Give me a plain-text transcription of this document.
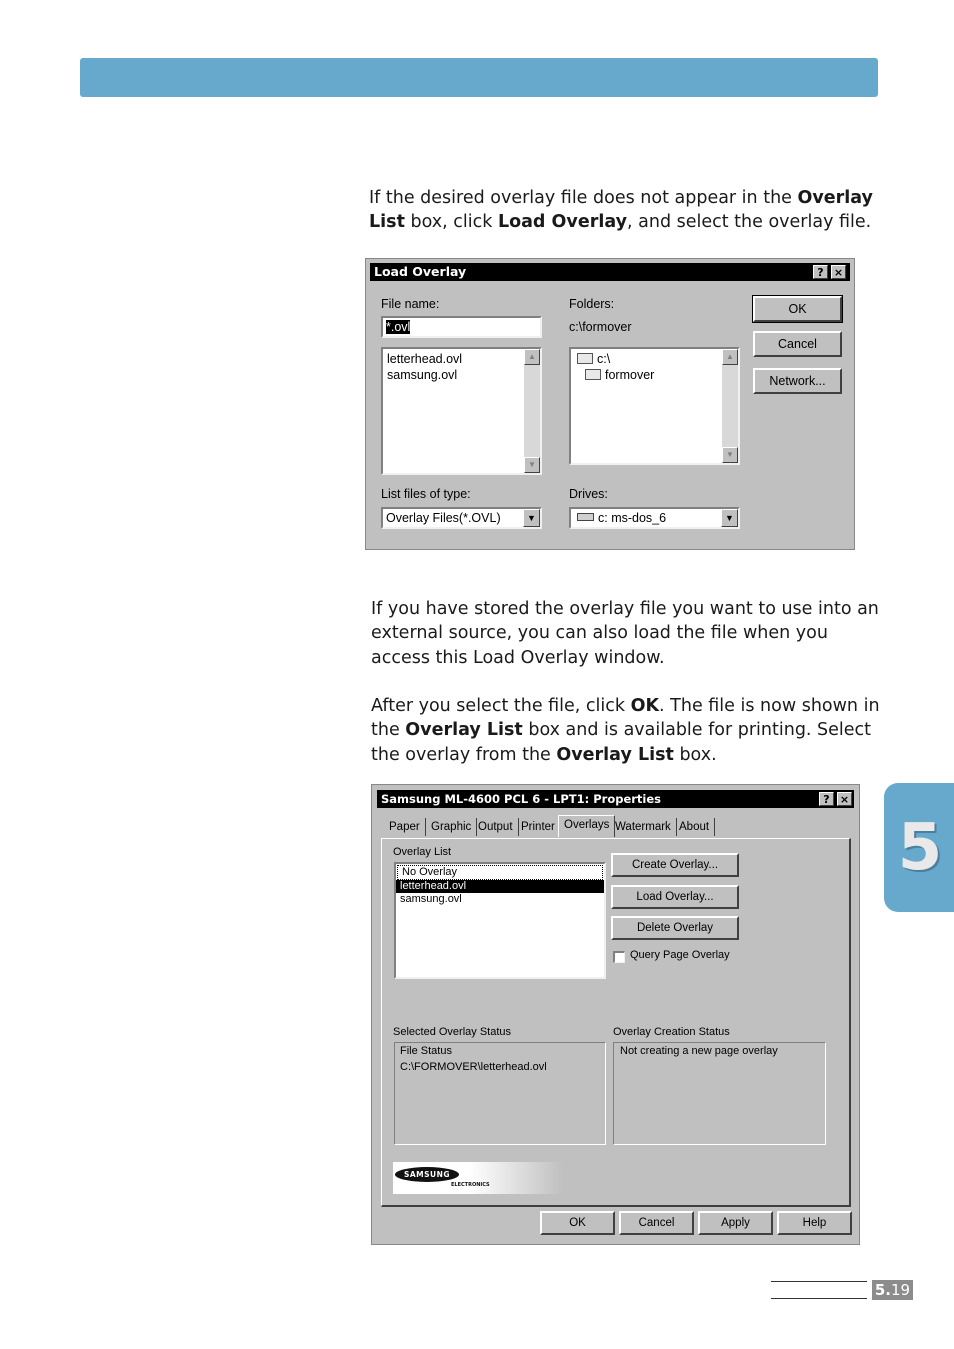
If the desired overlay file does not appear in the Overlay List box, click Load Overlay, and select the overlay file.
Load Overlay	? ×
File name:
*.ovl
letterhead.ovl
samsung.ovl
▲
▼
Folders:
c:\formover
c:\
formover
▲
▼
OK
Cancel
Network...
List files of type:
Overlay Files(*.OVL)	▼
Drives:
c: ms-dos_6	▼
If you have stored the overlay file you want to use into an external source, you can also load the file when you access this Load Overlay window.
After you select the file, click OK. The file is now shown in the Overlay List box and is available for printing. Select the overlay from the Overlay List box.
Samsung ML-4600 PCL 6 - LPT1: Properties	? ×
Paper Graphic Output Printer Overlays Watermark About
Overlay List
No Overlay
letterhead.ovl
samsung.ovl
Create Overlay...
Load Overlay...
Delete Overlay
Query Page Overlay
Selected Overlay Status
File Status
C:\FORMOVER\letterhead.ovl
Overlay Creation Status
Not creating a new page overlay
SAMSUNG
ELECTRONICS
OK	Cancel	Apply	Help
5
5.19
